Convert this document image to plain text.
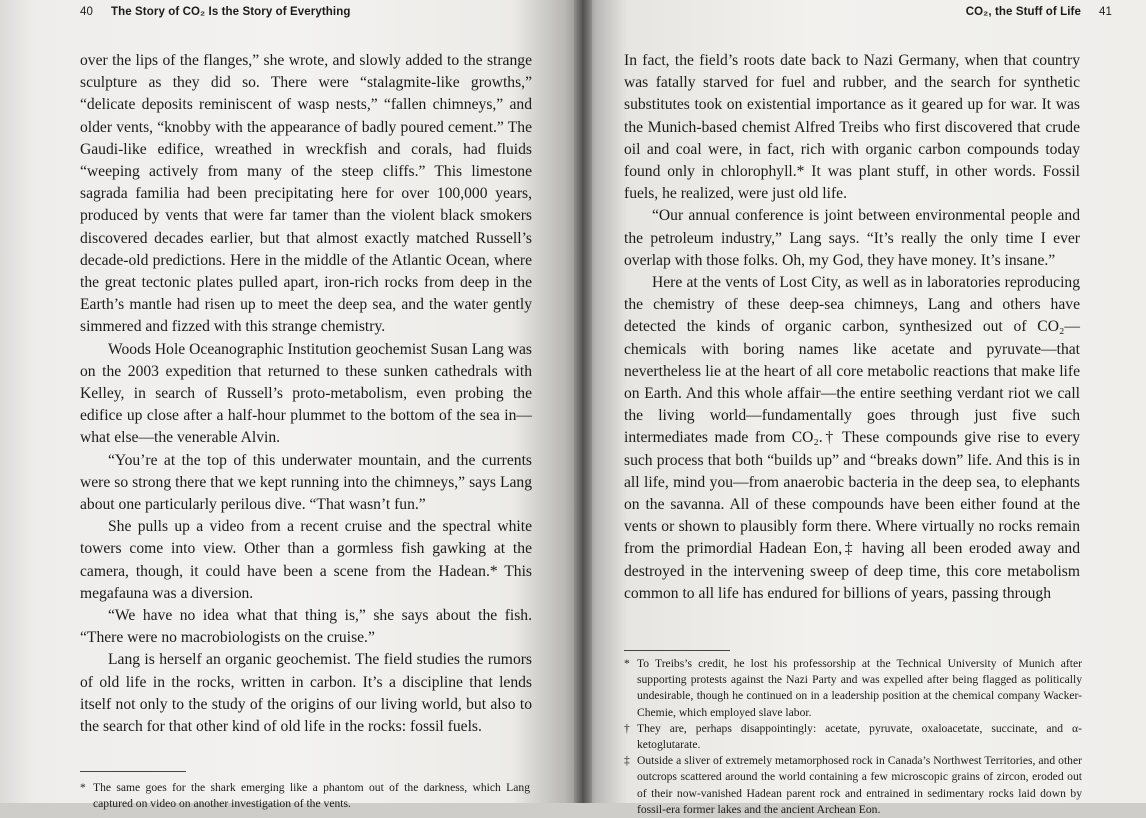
40 The Story of CO₂ Is the Story of Everything

over the lips of the flanges,” she wrote, and slowly added to the strange sculpture as they did so. There were “stalagmite-like growths,” “delicate deposits reminiscent of wasp nests,” “fallen chimneys,” and older vents, “knobby with the appearance of badly poured cement.” The Gaudi-like edifice, wreathed in wreckfish and corals, had fluids “weeping actively from many of the steep cliffs.” This limestone sagrada familia had been precipitating here for over 100,000 years, produced by vents that were far tamer than the violent black smokers discovered decades earlier, but that almost exactly matched Russell’s decade-old predictions. Here in the middle of the Atlantic Ocean, where the great tectonic plates pulled apart, iron-rich rocks from deep in the Earth’s mantle had risen up to meet the deep sea, and the water gently simmered and fizzed with this strange chemistry.

Woods Hole Oceanographic Institution geochemist Susan Lang was on the 2003 expedition that returned to these sunken cathedrals with Kelley, in search of Russell’s proto-metabolism, even probing the edifice up close after a half-hour plummet to the bottom of the sea in—what else—the venerable Alvin.

“You’re at the top of this underwater mountain, and the currents were so strong there that we kept running into the chimneys,” says Lang about one particularly perilous dive. “That wasn’t fun.”

She pulls up a video from a recent cruise and the spectral white towers come into view. Other than a gormless fish gawking at the camera, though, it could have been a scene from the Hadean.* This megafauna was a diversion.

“We have no idea what that thing is,” she says about the fish. “There were no macrobiologists on the cruise.”

Lang is herself an organic geochemist. The field studies the rumors of old life in the rocks, written in carbon. It’s a discipline that lends itself not only to the study of the origins of our living world, but also to the search for that other kind of old life in the rocks: fossil fuels.

* The same goes for the shark emerging like a phantom out of the darkness, which Lang captured on video on another investigation of the vents.

CO₂, the Stuff of Life 41

In fact, the field’s roots date back to Nazi Germany, when that country was fatally starved for fuel and rubber, and the search for synthetic substitutes took on existential importance as it geared up for war. It was the Munich-based chemist Alfred Treibs who first discovered that crude oil and coal were, in fact, rich with organic carbon compounds today found only in chlorophyll.* It was plant stuff, in other words. Fossil fuels, he realized, were just old life.

“Our annual conference is joint between environmental people and the petroleum industry,” Lang says. “It’s really the only time I ever overlap with those folks. Oh, my God, they have money. It’s insane.”

Here at the vents of Lost City, as well as in laboratories reproducing the chemistry of these deep-sea chimneys, Lang and others have detected the kinds of organic carbon, synthesized out of CO₂—chemicals with boring names like acetate and pyruvate—that nevertheless lie at the heart of all core metabolic reactions that make life on Earth. And this whole affair—the entire seething verdant riot we call the living world—fundamentally goes through just five such intermediates made from CO₂.† These compounds give rise to every such process that both “builds up” and “breaks down” life. And this is in all life, mind you—from anaerobic bacteria in the deep sea, to elephants on the savanna. All of these compounds have been either found at the vents or shown to plausibly form there. Where virtually no rocks remain from the primordial Hadean Eon,‡ having all been eroded away and destroyed in the intervening sweep of deep time, this core metabolism common to all life has endured for billions of years, passing through

* To Treibs’s credit, he lost his professorship at the Technical University of Munich after supporting protests against the Nazi Party and was expelled after being flagged as politically undesirable, though he continued on in a leadership position at the chemical company Wacker-Chemie, which employed slave labor.

† They are, perhaps disappointingly: acetate, pyruvate, oxaloacetate, succinate, and α-ketoglutarate.

‡ Outside a sliver of extremely metamorphosed rock in Canada’s Northwest Territories, and other outcrops scattered around the world containing a few microscopic grains of zircon, eroded out of their now-vanished Hadean parent rock and entrained in sedimentary rocks laid down by fossil-era former lakes and the ancient Archean Eon.
